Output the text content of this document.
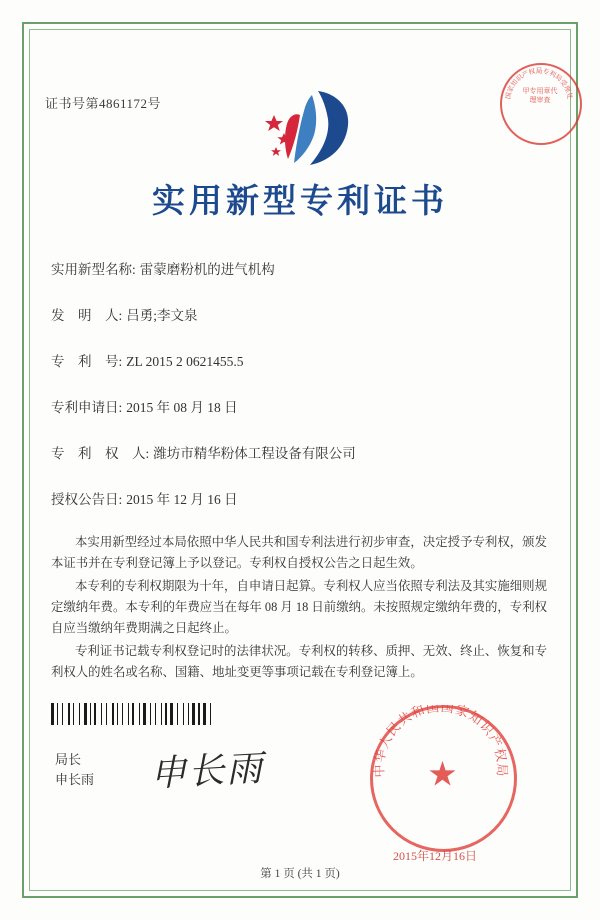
证书号第4861172号
国家知识产权局专利局受理处
甲专用章代理审查
实用新型专利证书
实用新型名称: 雷蒙磨粉机的进气机构
发　明　人: 吕勇;李文泉
专　利　号: ZL 2015 2 0621455.5
专利申请日: 2015 年 08 月 18 日
专　利　权　人: 潍坊市精华粉体工程设备有限公司
授权公告日: 2015 年 12 月 16 日

本实用新型经过本局依照中华人民共和国专利法进行初步审查，决定授予专利权，颁发本证书并在专利登记簿上予以登记。专利权自授权公告之日起生效。

本专利的专利权期限为十年，自申请日起算。专利权人应当依照专利法及其实施细则规定缴纳年费。本专利的年费应当在每年 08 月 18 日前缴纳。未按照规定缴纳年费的，专利权自应当缴纳年费期满之日起终止。

专利证书记载专利权登记时的法律状况。专利权的转移、质押、无效、终止、恢复和专利权人的姓名或名称、国籍、地址变更等事项记载在专利登记簿上。

局长
申长雨 申长雨	中华人民共和国国家知识产权局
★
2015年12月16日
第 1 页 (共 1 页)
